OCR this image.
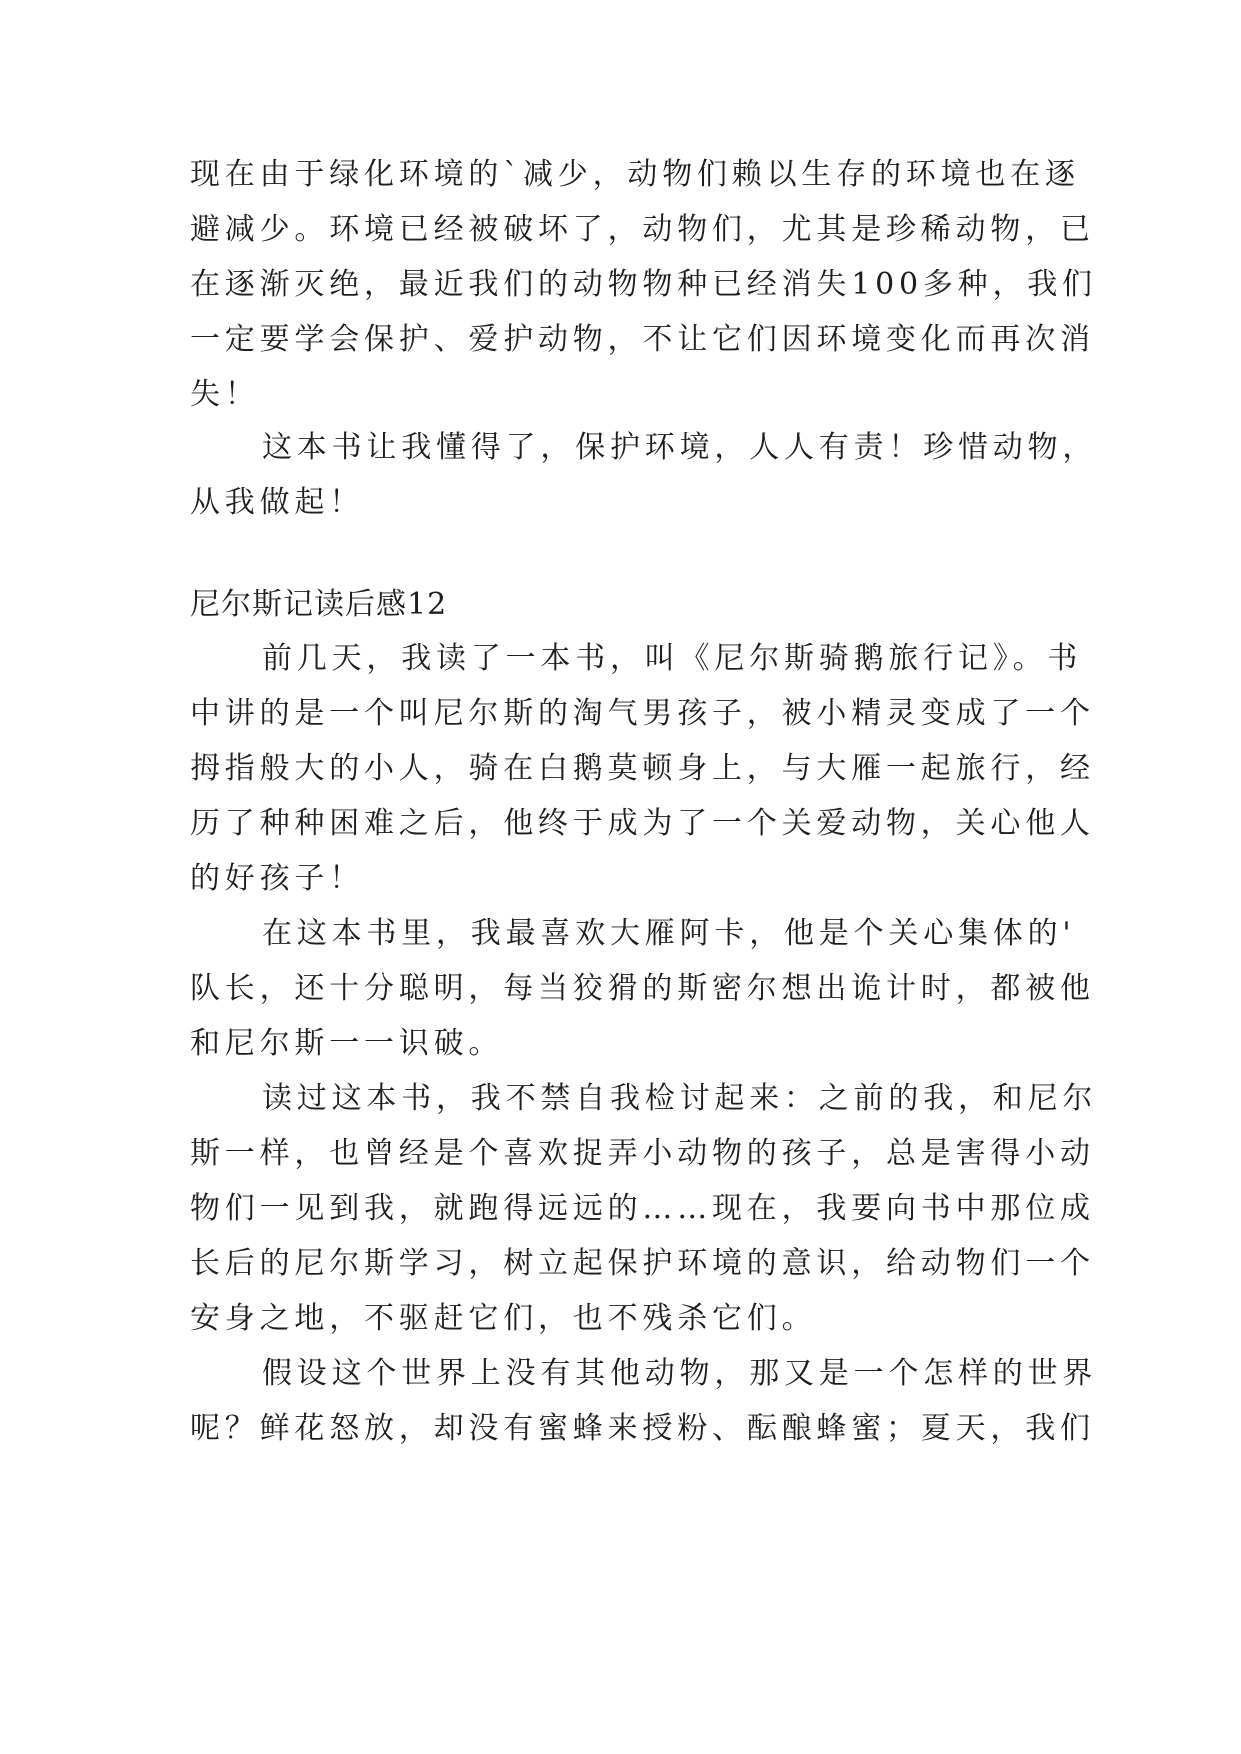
现在由于绿化环境的`减少，动物们赖以生存的环境也在逐
避减少。环境已经被破坏了，动物们，尤其是珍稀动物，已
在逐渐灭绝，最近我们的动物物种已经消失100多种，我们
一定要学会保护、爱护动物，不让它们因环境变化而再次消
失！
这本书让我懂得了，保护环境，人人有责！珍惜动物，
从我做起！
尼尔斯记读后感12
前几天，我读了一本书，叫《尼尔斯骑鹅旅行记》。书
中讲的是一个叫尼尔斯的淘气男孩子，被小精灵变成了一个
拇指般大的小人，骑在白鹅莫顿身上，与大雁一起旅行，经
历了种种困难之后，他终于成为了一个关爱动物，关心他人
的好孩子！
在这本书里，我最喜欢大雁阿卡，他是个关心集体的'
队长，还十分聪明，每当狡猾的斯密尔想出诡计时，都被他
和尼尔斯一一识破。
读过这本书，我不禁自我检讨起来：之前的我，和尼尔
斯一样，也曾经是个喜欢捉弄小动物的孩子，总是害得小动
物们一见到我，就跑得远远的……现在，我要向书中那位成
长后的尼尔斯学习，树立起保护环境的意识，给动物们一个
安身之地，不驱赶它们，也不残杀它们。
假设这个世界上没有其他动物，那又是一个怎样的世界
呢？鲜花怒放，却没有蜜蜂来授粉、酝酿蜂蜜；夏天，我们
